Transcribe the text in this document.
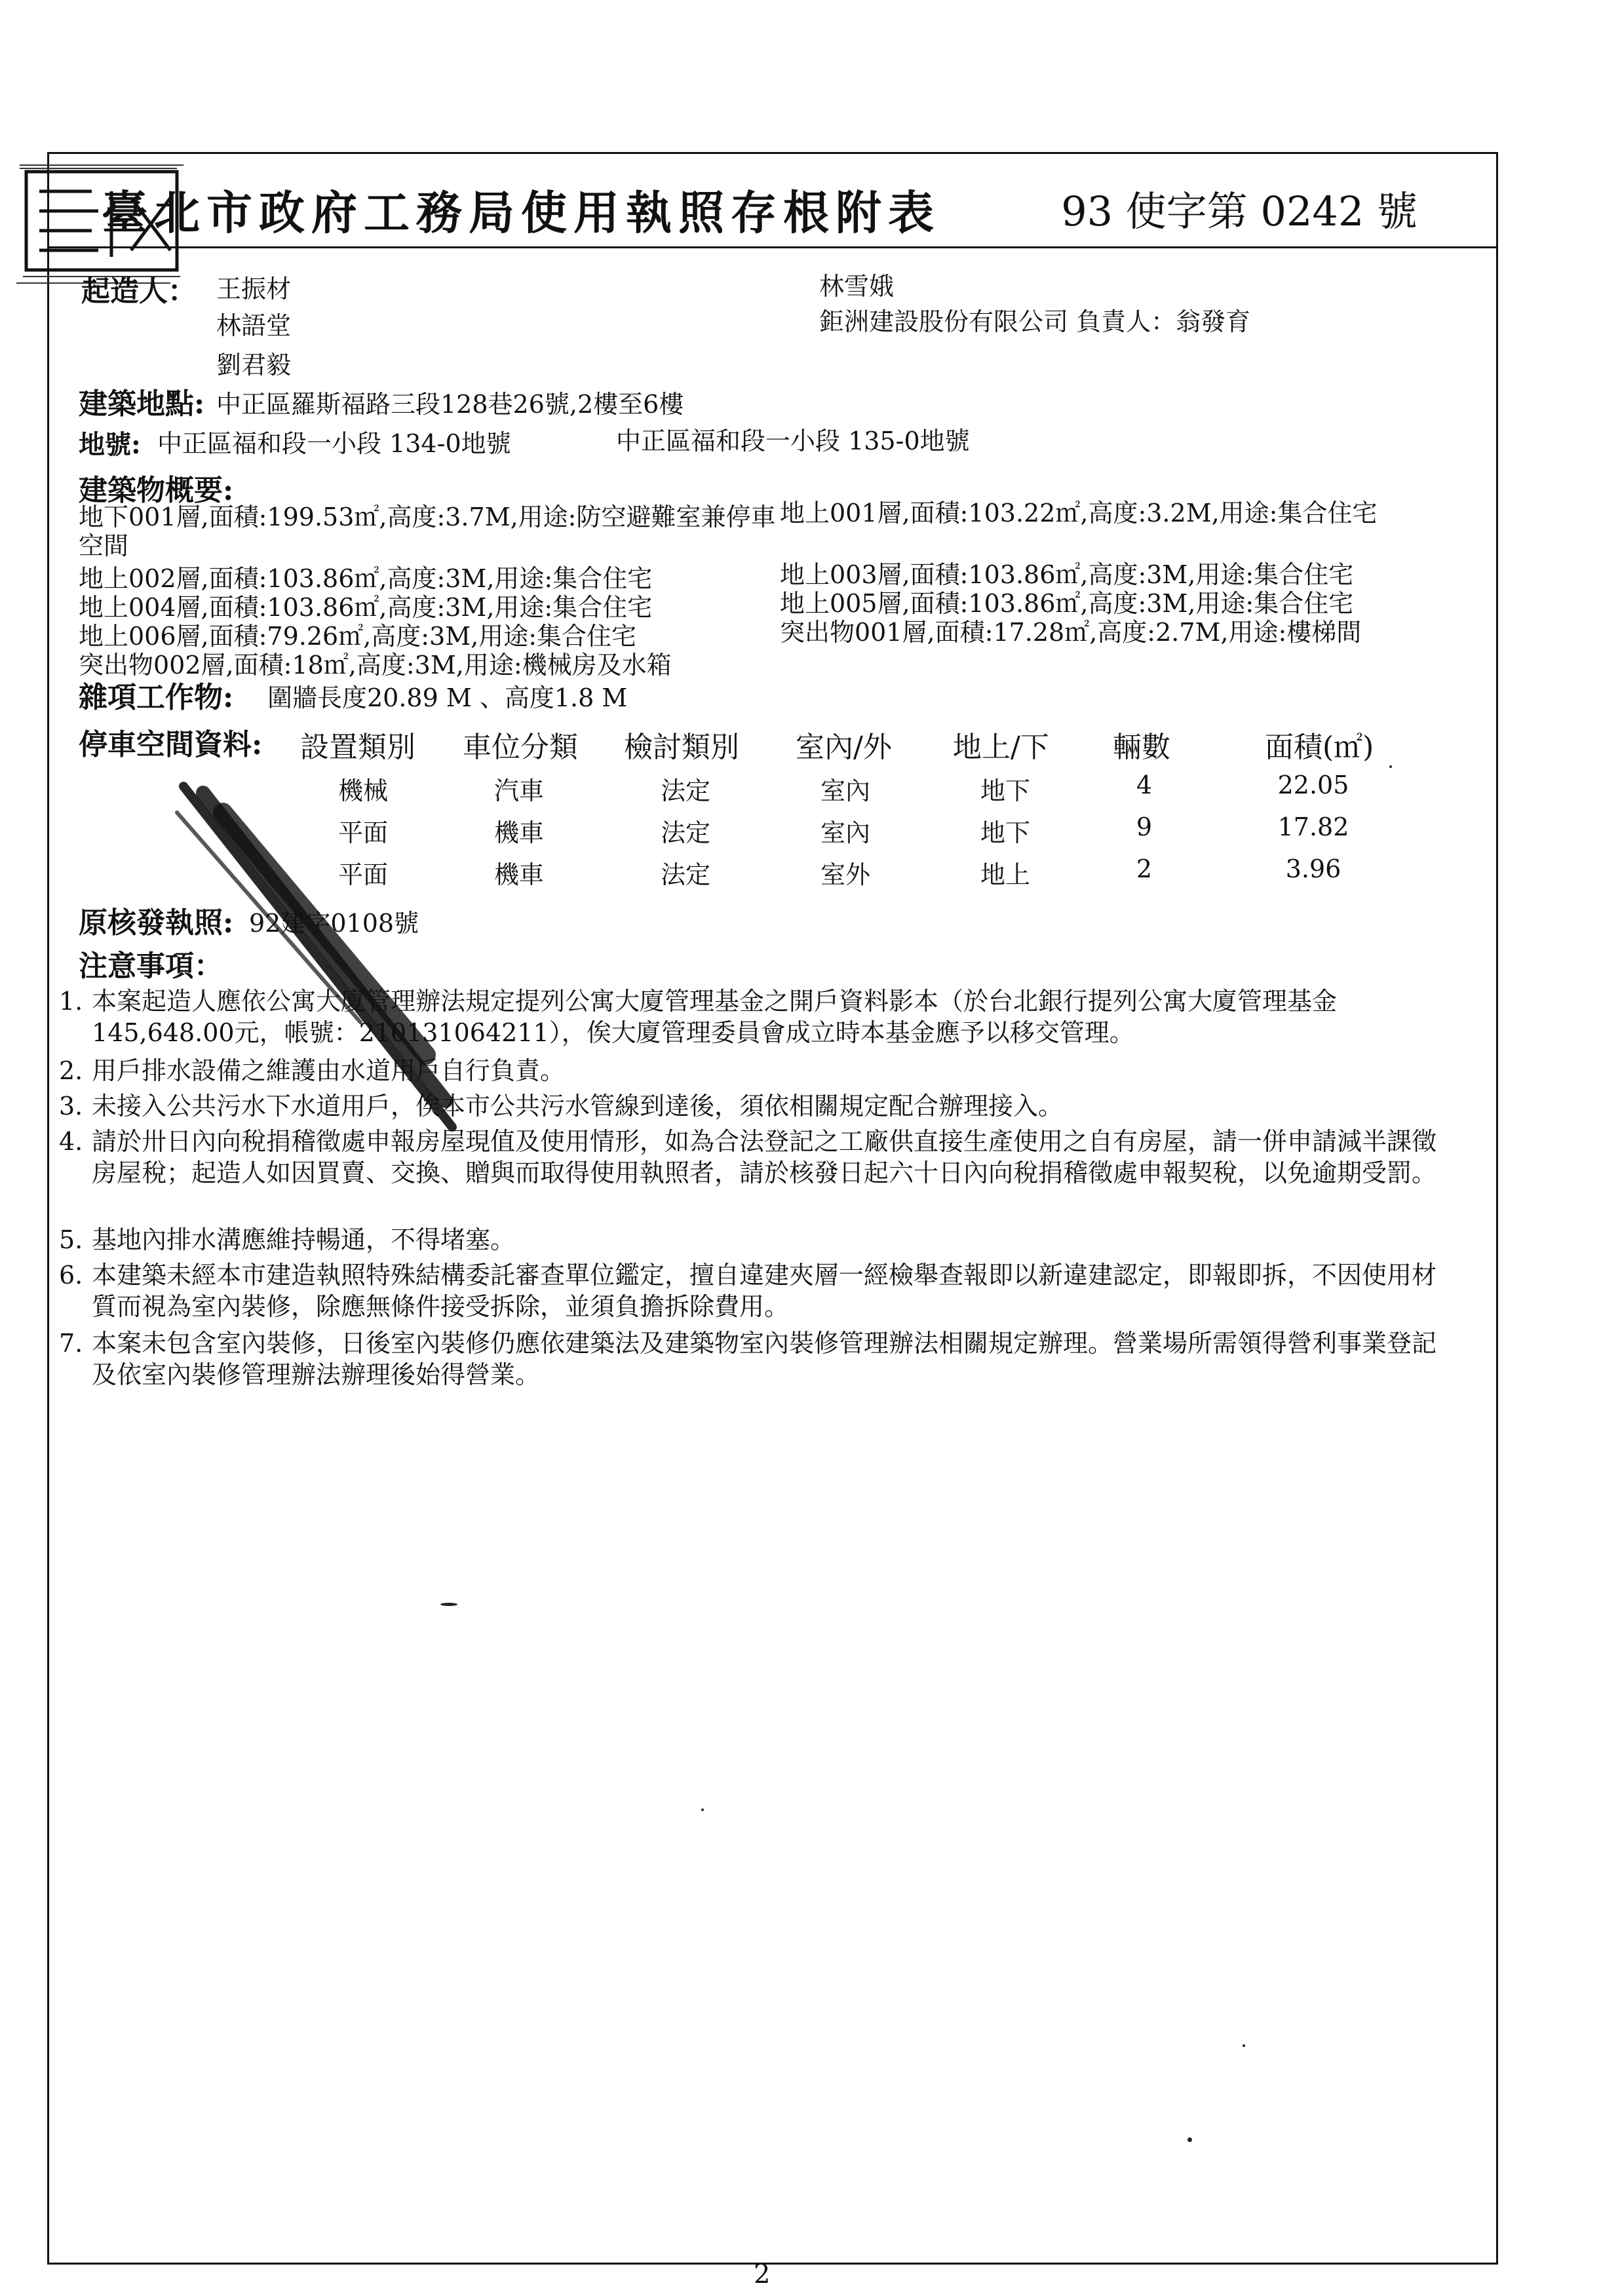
臺北市政府工務局使用執照存根附表	93 使字第 0242 號
起造人： 王振材
林語堂
劉君毅
林雪娥
鉅洲建設股份有限公司 負責人：翁發育
建築地點: 中正區羅斯福路三段128巷26號,2樓至6樓
地號: 中正區福和段一小段 134-0地號	中正區福和段一小段 135-0地號
建築物概要:
地下001層,面積:199.53㎡,高度:3.7M,用途:防空避難室兼停車 地上001層,面積:103.22㎡,高度:3.2M,用途:集合住宅
空間
地上002層,面積:103.86㎡,高度:3M,用途:集合住宅	地上003層,面積:103.86㎡,高度:3M,用途:集合住宅
地上004層,面積:103.86㎡,高度:3M,用途:集合住宅	地上005層,面積:103.86㎡,高度:3M,用途:集合住宅
地上006層,面積:79.26㎡,高度:3M,用途:集合住宅	突出物001層,面積:17.28㎡,高度:2.7M,用途:樓梯間
突出物002層,面積:18㎡,高度:3M,用途:機械房及水箱
雜項工作物: 圍牆長度20.89 M 、高度1.8 M
停車空間資料: 設置類別 車位分類 檢討類別 室內/外 地上/下 輛數	面積(㎡)
機械	汽車	法定	室內	地下	4	22.05
平面	機車	法定	室內	地下	9	17.82
平面	機車	法定	室外	地上	2	3.96
原核發執照: 92建字0108號
注意事項：
1. 本案起造人應依公寓大廈管理辦法規定提列公寓大廈管理基金之開戶資料影本（於台北銀行提列公寓大廈管理基金145,648.00元，帳號：210131064211），俟大廈管理委員會成立時本基金應予以移交管理。
2. 用戶排水設備之維護由水道用戶自行負責。
3. 未接入公共污水下水道用戶，俟本市公共污水管線到達後，須依相關規定配合辦理接入。
4. 請於卅日內向稅捐稽徵處申報房屋現值及使用情形，如為合法登記之工廠供直接生產使用之自有房屋，請一併申請減半課徵房屋稅；起造人如因買賣、交換、贈與而取得使用執照者，請於核發日起六十日內向稅捐稽徵處申報契稅，以免逾期受罰。
5. 基地內排水溝應維持暢通，不得堵塞。
6. 本建築未經本市建造執照特殊結構委託審查單位鑑定，擅自違建夾層一經檢舉查報即以新違建認定，即報即拆，不因使用材質而視為室內裝修，除應無條件接受拆除，並須負擔拆除費用。
7. 本案未包含室內裝修，日後室內裝修仍應依建築法及建築物室內裝修管理辦法相關規定辦理。營業場所需領得營利事業登記及依室內裝修管理辦法辦理後始得營業。
2
